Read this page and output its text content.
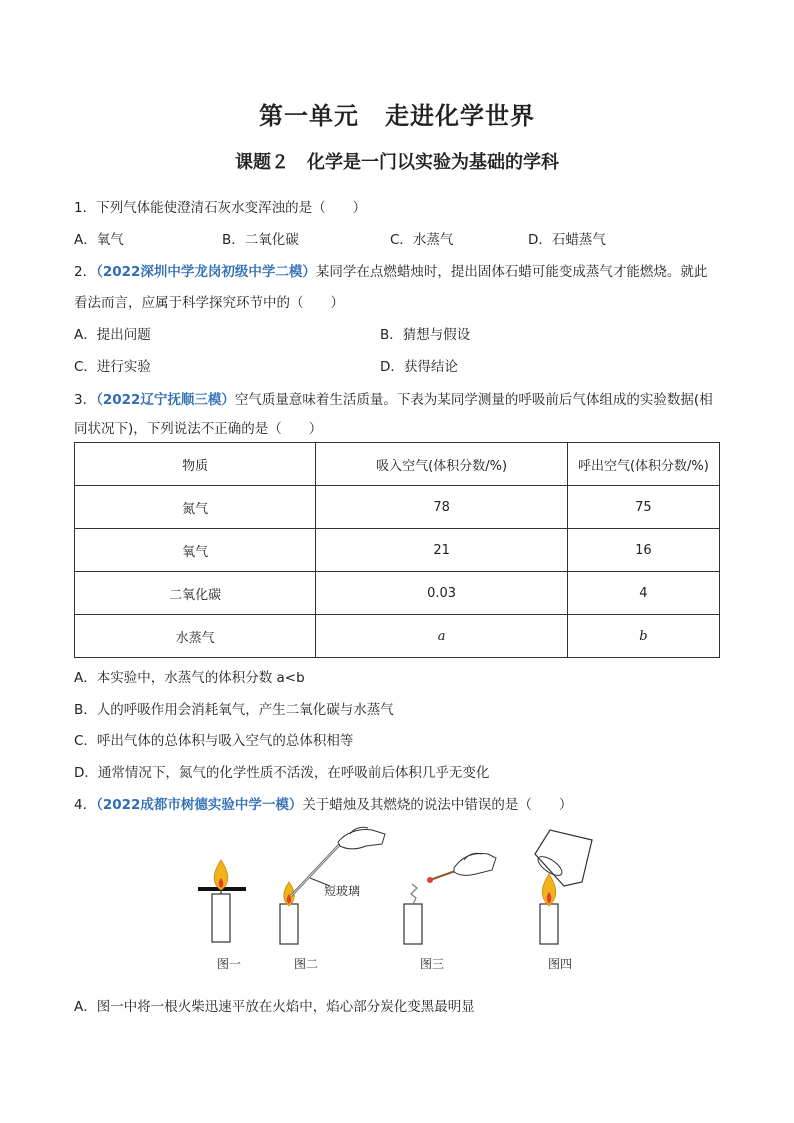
第一单元 走进化学世界
课题２ 化学是一门以实验为基础的学科
1．下列气体能使澄清石灰水变浑浊的是（　　）
A．氧气	B．二氧化碳	C．水蒸气	D．石蜡蒸气
2．（2022深圳中学龙岗初级中学二模）某同学在点燃蜡烛时，提出固体石蜡可能变成蒸气才能燃烧。就此
看法而言，应属于科学探究环节中的（　　）
A．提出问题	B．猜想与假设
C．进行实验	D．获得结论
3．（2022辽宁抚顺三模）空气质量意味着生活质量。下表为某同学测量的呼吸前后气体组成的实验数据(相
同状况下)，下列说法不正确的是（　　）
物质	吸入空气(体积分数/%)	呼出空气(体积分数/%)
氮气	78	75
氧气	21	16
二氧化碳	0.03	4
水蒸气	a	b
A．本实验中，水蒸气的体积分数 a<b
B．人的呼吸作用会消耗氧气，产生二氧化碳与水蒸气
C．呼出气体的总体积与吸入空气的总体积相等
D．通常情况下，氮气的化学性质不活泼，在呼吸前后体积几乎无变化
4．（2022成都市树德实验中学一模）关于蜡烛及其燃烧的说法中错误的是（　　）
短玻璃
图一	图二	图三	图四
A．图一中将一根火柴迅速平放在火焰中，焰心部分炭化变黑最明显
